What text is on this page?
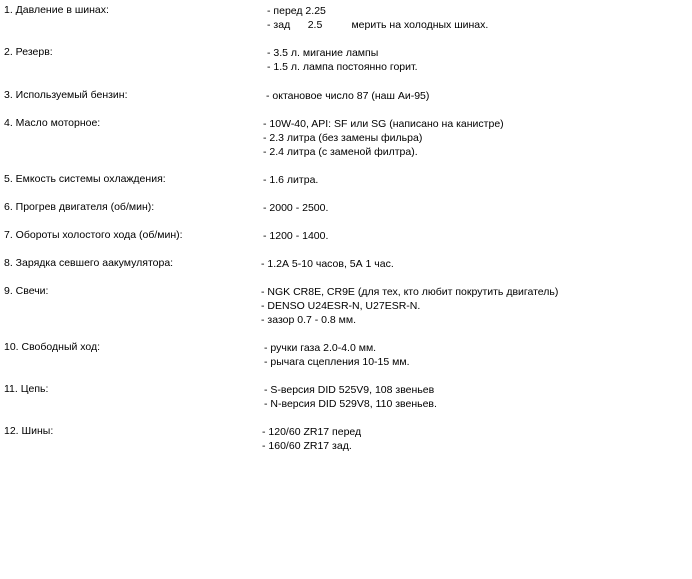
1. Давление в шинах:	- перед 2.25
- зад      2.5          мерить на холодных шинах.
2. Резерв:	- 3.5 л. мигание лампы
- 1.5 л. лампа постоянно горит.
3. Используемый бензин:	- октановое число 87 (наш Аи-95)
4. Масло моторное:	- 10W-40, API: SF или SG (написано на канистре)
- 2.3 литра (без замены фильра)
- 2.4 литра (с заменой филтра).
5. Емкость системы охлаждения:	- 1.6 литра.
6. Прогрев двигателя (об/мин):	- 2000 - 2500.
7. Обороты холостого хода (об/мин):	- 1200 - 1400.
8. Зарядка севшего аакумулятора:	- 1.2А 5-10 часов, 5А 1 час.
9. Свечи:	- NGK CR8E, CR9E (для тех, кто любит покрутить двигатель)
- DENSO U24ESR-N, U27ESR-N.
- зазор 0.7 - 0.8 мм.
10. Свободный ход:	- ручки газа 2.0-4.0 мм.
- рычага сцепления 10-15 мм.
11. Цепь:	- S-версия DID 525V9, 108 звеньев
- N-версия DID 529V8, 110 звеньев.
12. Шины:	- 120/60 ZR17 перед
- 160/60 ZR17 зад.
